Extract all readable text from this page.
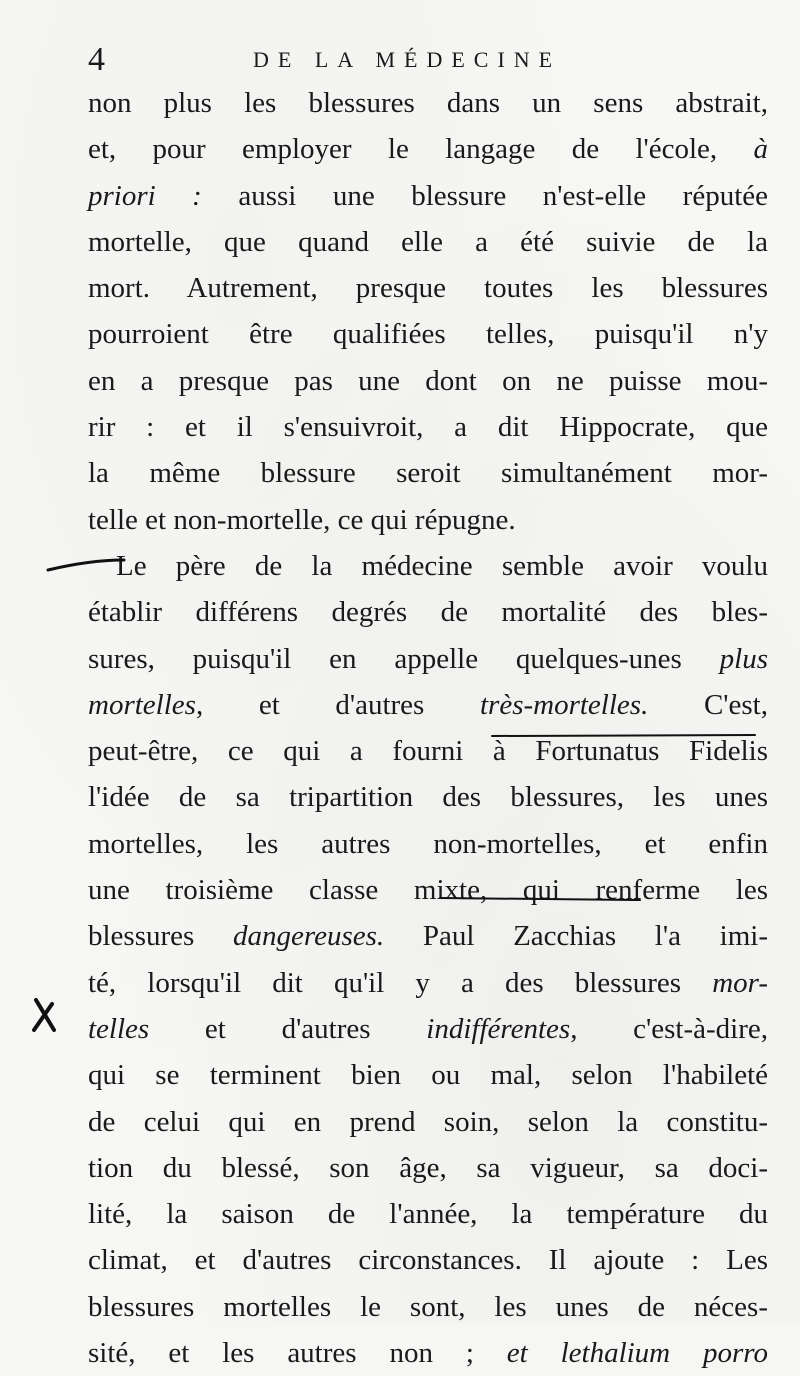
4	DE LA MÉDECINE
non plus les blessures dans un sens abstrait,
et, pour employer le langage de l'école, à
priori : aussi une blessure n'est-elle réputée
mortelle, que quand elle a été suivie de la
mort. Autrement, presque toutes les blessures
pourroient être qualifiées telles, puisqu'il n'y
en a presque pas une dont on ne puisse mou-
rir : et il s'ensuivroit, a dit Hippocrate, que
la même blessure seroit simultanément mor-
telle et non-mortelle, ce qui répugne.
Le père de la médecine semble avoir voulu
établir différens degrés de mortalité des bles-
sures, puisqu'il en appelle quelques-unes plus
mortelles, et d'autres très-mortelles. C'est,
peut-être, ce qui a fourni à Fortunatus Fidelis
l'idée de sa tripartition des blessures, les unes
mortelles, les autres non-mortelles, et enfin
une troisième classe mixte, qui renferme les
blessures dangereuses. Paul Zacchias l'a imi-
té, lorsqu'il dit qu'il y a des blessures mor-
telles et d'autres indifférentes, c'est-à-dire,
qui se terminent bien ou mal, selon l'habileté
de celui qui en prend soin, selon la constitu-
tion du blessé, son âge, sa vigueur, sa doci-
lité, la saison de l'année, la température du
climat, et d'autres circonstances. Il ajoute : Les
blessures mortelles le sont, les unes de néces-
sité, et les autres non ; et lethalium porro
